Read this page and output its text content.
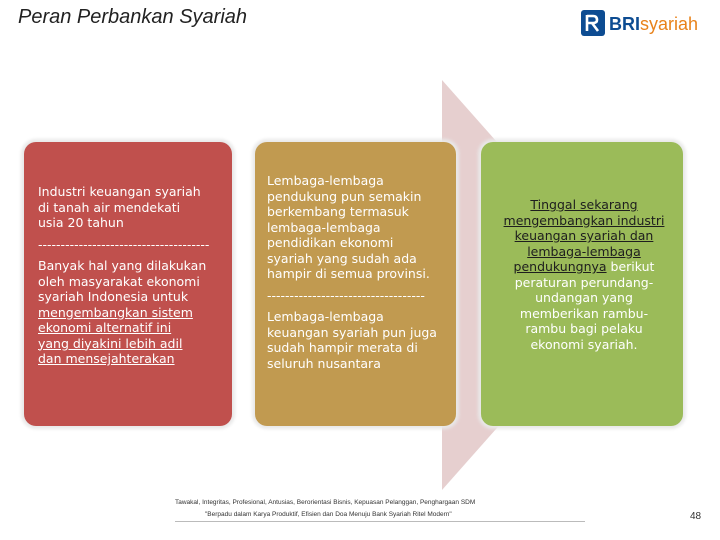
Peran Perbankan Syariah	BRIsyariah
Industri keuangan syariah
di tanah air mendekati
usia 20 tahun
--------------------------------------
Banyak hal yang dilakukan
oleh masyarakat ekonomi
syariah Indonesia untuk
mengembangkan sistem
ekonomi alternatif ini
yang diyakini lebih adil
dan mensejahterakan
Lembaga-lembaga
pendukung pun semakin
berkembang termasuk
lembaga-lembaga
pendidikan ekonomi
syariah yang sudah ada
hampir di semua provinsi.
-----------------------------------
Lembaga-lembaga
keuangan syariah pun juga
sudah hampir merata di
seluruh nusantara
Tinggal sekarang
mengembangkan industri
keuangan syariah dan
lembaga-lembaga
pendukungnya berikut
peraturan perundang-
undangan yang
memberikan rambu-
rambu bagi pelaku
ekonomi syariah.
Tawakal, Integritas, Profesional, Antusias, Berorientasi Bisnis, Kepuasan Pelanggan, Penghargaan SDM
"Berpadu dalam Karya Produktif, Efisien dan Doa Menuju Bank Syariah Ritel Modern"	48
